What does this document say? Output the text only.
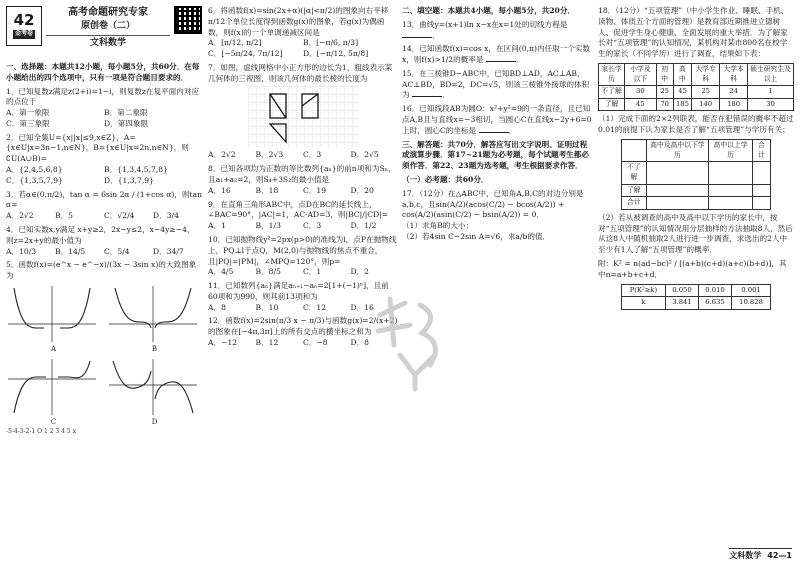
42
金考卷
高考命题研究专家
原创卷（二）
文科数学
一、选择题：本题共12小题，每小题5分，共60分．在每小题给出的四个选项中，只有一项是符合题目要求的．
1．已知复数z满足z(2+i)=1−i，则复数z在复平面内对应的点位于
A．第一象限	B．第二象限
C．第三象限	D．第四象限
2．已知全集U={x||x|≤9,x∈Z}，A={x∈U|x=3n−1,n∈N}，B={x∈U|x=2n,n∈N}，则∁U(A∪B)=
A．{2,4,5,6,8}	B．{1,3,4,5,7,8}
C．{1,3,5,7,9}	D．{1,3,7,9}
3．若α∈(0,π/2)，tan α = 6sin 2α / (1+cos α)，则tan α=
A．2√2	B．5	C．√2/4	D．3/4
4．已知实数x,y满足 x+y≥2，2x−y≤2，x−4y≥−4，则z=2x+y的最小值为
A．10/3	B．14/5	C．5/4	D．34/7
5．函数f(x)=(e^x − e^−x)/(3x − 3sin x)的大致图象为
A	B
C	D
-5-4-3-2-1 O 1 2 3 4 5 x
6．将函数f(x)=sin(2x+α)(|α|<π/2)的图象向右平移π/12个单位长度得到函数g(x)的图象，若g(x)为偶函数，则f(x)的一个单调递减区间是
A．[π/12, π/2]	B．[−π/6, π/3]
C．[−5π/24, 7π/12]	D．[−π/12, 5π/8]
7．如图，虚线网格中小正方形的边长为1，粗线表示某几何体的三视图，则该几何体的最长棱的长度为
A．2√2	B．2√3	C．3	D．2√5
8．已知各项均为正数的等比数列{aₙ}的前n项和为Sₙ，且a₁+a₂=2，则S₄+3S₂的最小值是
A．16	B．18	C．19	D．20
9．在直角三角形ABC中，点D在BC的延长线上，∠BAC=90°，|AC|=1，AC·AD=3，则|BC|/|CD|=
A．1	B．1/3	C．3	D．1/2
10．已知抛物线y²=2px(p>0)的准线为l，点P在抛物线上，PQ⊥l于点Q，M(2,0)与抛物线的焦点不重合，且|PQ|=|PM|，∠MPQ=120°，则p=
A．4/5	B．8/5	C．1	D．2
11．已知数列{aₙ}满足aₙ₊₁−aₙ=2[1+(−1)ⁿ]，且前60项和为990，则其前13项和为
A．8	B．10	C．12	D．16
12．函数f(x)=2sin(π/3 x − π/3)与函数g(x)=2/(x+2)的图象在[−4π,3π]上的所有交点的横坐标之和为
A．−12	B．12	C．−8	D．8
二、填空题：本题共4小题，每小题5分，共20分．
13．曲线y=(x+1)ln x−x在x=1处的切线方程是 ．
14．已知函数f(x)=cos x，在区间(0,π)内任取一个实数x，则f(x)>1/2的概率是	．
15．在三棱锥D−ABC中，已知BD⊥AD，AC⊥AB，AC⊥BD，BD=2，DC=√5，则该三棱锥外接球的体积为	．
16．已知线段AB为圆O：x²+y²=9的一条直径，且已知点A,B且与直线x=−3相切，当圆心C在直线x−2y+6=0上时，圆心C的坐标是	．
三、解答题：共70分．解答应写出文字说明、证明过程或演算步骤．第17~21题为必考题，每个试题考生都必须作答．第22、23题为选考题，考生根据要求作答．
（一）必考题：共60分．
17．（12分）在△ABC中，已知角A,B,C的对边分别是a,b,c，且sin(A/2)(acos(C/2) − bcos(A/2)) + cos(A/2)(asin(C/2) − bsin(A/2)) = 0．
（1）求角B的大小；
（2）若4sin C−2sin A=√6，求a/b的值．
18．（12分）“五项管理”（中小学生作业、睡眠、手机、读物、体质五个方面的管理）是教育部近期推进立德树人、促进学生身心健康、全面发展的重大举措．为了解家长对“五项管理”的认知情况，某机构对某市800名在校学生的家长（不同学历）进行了调查，结果如下表：
家长学历	小学及以下	初中	高中	大学专科	大学本科	硕士研究生及以上
不了解	30	25	45	25	24	1
了解	45	70	185	140	180	30
（1）完成下面的2×2列联表，能否在犯错误的概率不超过0.01的前提下认为家长是否了解“五项管理”与学历有关；
	高中及高中以下学历	高中以上学历	合计
不了解			
了解			
合计			
（2）若从被调查的高中及高中以下学历的家长中，按对“五项管理”的认知情况用分层抽样的方法抽取8人，然后从这8人中随机抽取2人进行进一步调查，求选出的2人中至少有1人了解“五项管理”的概率．
附：K² = n(ad−bc)² / [(a+b)(c+d)(a+c)(b+d)]，其中n=a+b+c+d．
P(K²≥k)	0.050	0.010	0.001
k	3.841	6.635	10.828
文科数学 42—1
